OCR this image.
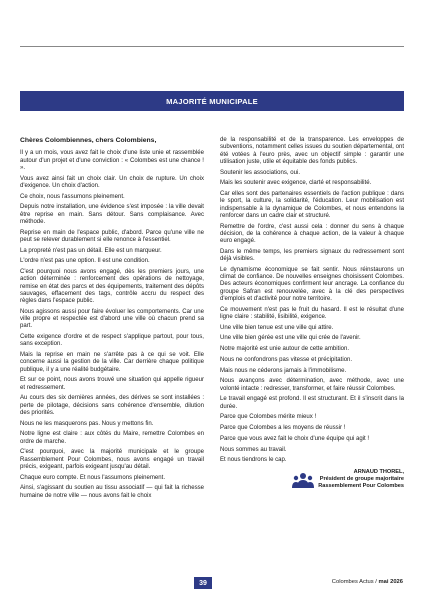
MAJORITÉ MUNICIPALE

Chères Colombiennes, chers Colombiens,

Il y a un mois, vous avez fait le choix d'une liste unie et rassemblée autour d'un projet et d'une conviction : « Colombes est une chance ! ».

Vous avez ainsi fait un choix clair. Un choix de rupture. Un choix d'exigence. Un choix d'action.

Ce choix, nous l'assumons pleinement.

Depuis notre installation, une évidence s'est imposée : la ville devait être reprise en main. Sans détour. Sans complaisance. Avec méthode.

Reprise en main de l'espace public, d'abord. Parce qu'une ville ne peut se relever durablement si elle renonce à l'essentiel.

La propreté n'est pas un détail. Elle est un marqueur.

L'ordre n'est pas une option. Il est une condition.

C'est pourquoi nous avons engagé, dès les premiers jours, une action déterminée : renforcement des opérations de nettoyage, remise en état des parcs et des équipements, traitement des dépôts sauvages, effacement des tags, contrôle accru du respect des règles dans l'espace public.

Nous agissons aussi pour faire évoluer les comportements. Car une ville propre et respectée est d'abord une ville où chacun prend sa part.

Cette exigence d'ordre et de respect s'applique partout, pour tous, sans exception.

Mais la reprise en main ne s'arrête pas à ce qui se voit. Elle concerne aussi la gestion de la ville. Car derrière chaque politique publique, il y a une réalité budgétaire.

Et sur ce point, nous avons trouvé une situation qui appelle rigueur et redressement.

Au cours des six dernières années, des dérives se sont installées : perte de pilotage, décisions sans cohérence d'ensemble, dilution des priorités.

Nous ne les masquerons pas. Nous y mettons fin.

Notre ligne est claire : aux côtés du Maire, remettre Colombes en ordre de marche.

C'est pourquoi, avec la majorité municipale et le groupe Rassemblement Pour Colombes, nous avons engagé un travail précis, exigeant, parfois exigeant jusqu'au détail.

Chaque euro compte. Et nous l'assumons pleinement.

Ainsi, s'agissant du soutien au tissu associatif — qui fait la richesse humaine de notre ville — nous avons fait le choix

de la responsabilité et de la transparence. Les enveloppes de subventions, notamment celles issues du soutien départemental, ont été votées à l'euro près, avec un objectif simple : garantir une utilisation juste, utile et équitable des fonds publics.

Soutenir les associations, oui.

Mais les soutenir avec exigence, clarté et responsabilité.

Car elles sont des partenaires essentiels de l'action publique : dans le sport, la culture, la solidarité, l'éducation. Leur mobilisation est indispensable à la dynamique de Colombes, et nous entendons la renforcer dans un cadre clair et structuré.

Remettre de l'ordre, c'est aussi cela : donner du sens à chaque décision, de la cohérence à chaque action, de la valeur à chaque euro engagé.

Dans le même temps, les premiers signaux du redressement sont déjà visibles.

Le dynamisme économique se fait sentir. Nous réinstaurons un climat de confiance. De nouvelles enseignes choisissent Colombes. Des acteurs économiques confirment leur ancrage. La confiance du groupe Safran est renouvelée, avec à la clé des perspectives d'emplois et d'activité pour notre territoire.

Ce mouvement n'est pas le fruit du hasard. Il est le résultat d'une ligne claire : stabilité, lisibilité, exigence.

Une ville bien tenue est une ville qui attire.

Une ville bien gérée est une ville qui crée de l'avenir.

Notre majorité est unie autour de cette ambition.

Nous ne confondrons pas vitesse et précipitation.

Mais nous ne céderons jamais à l'immobilisme.

Nous avançons avec détermination, avec méthode, avec une volonté intacte : redresser, transformer, et faire réussir Colombes.

Le travail engagé est profond. Il est structurant. Et il s'inscrit dans la durée.

Parce que Colombes mérite mieux !

Parce que Colombes a les moyens de réussir !

Parce que vous avez fait le choix d'une équipe qui agit !

Nous sommes au travail.

Et nous tiendrons le cap.

ARNAUD THOREL,
Président de groupe majoritaire
Rassemblement Pour Colombes
39	Colombes Actus / mai 2026
